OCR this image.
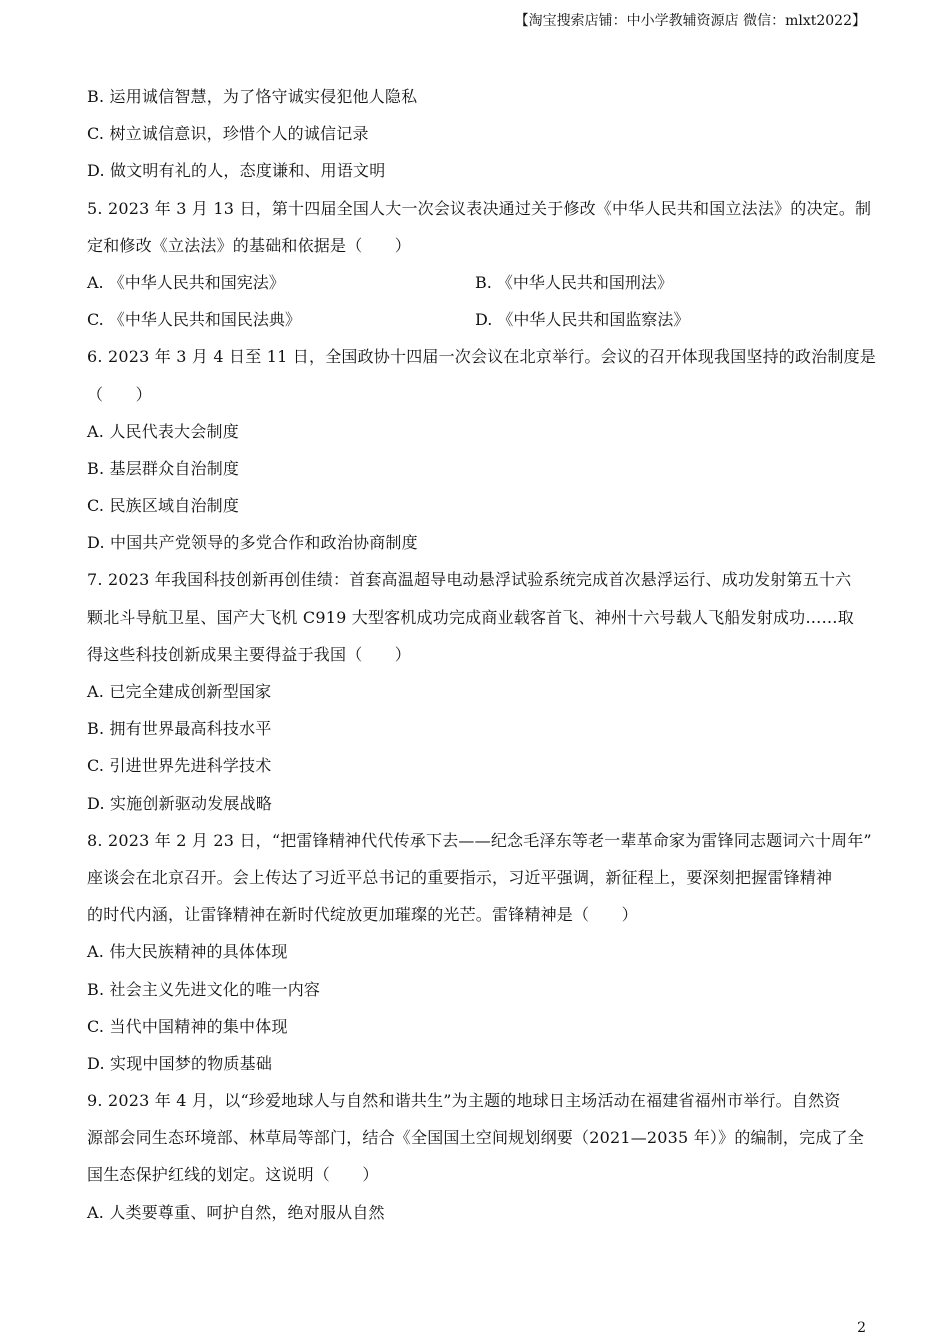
【淘宝搜索店铺：中小学教辅资源店 微信：mlxt2022】
B. 运用诚信智慧，为了恪守诚实侵犯他人隐私
C. 树立诚信意识，珍惜个人的诚信记录
D. 做文明有礼的人，态度谦和、用语文明
5. 2023 年 3 月 13 日，第十四届全国人大一次会议表决通过关于修改《中华人民共和国立法法》的决定。制
定和修改《立法法》的基础和依据是（　　）
A. 《中华人民共和国宪法》	B. 《中华人民共和国刑法》
C. 《中华人民共和国民法典》	D. 《中华人民共和国监察法》
6. 2023 年 3 月 4 日至 11 日，全国政协十四届一次会议在北京举行。会议的召开体现我国坚持的政治制度是
（　　）
A. 人民代表大会制度
B. 基层群众自治制度
C. 民族区域自治制度
D. 中国共产党领导的多党合作和政治协商制度
7. 2023 年我国科技创新再创佳绩：首套高温超导电动悬浮试验系统完成首次悬浮运行、成功发射第五十六
颗北斗导航卫星、国产大飞机 C919 大型客机成功完成商业载客首飞、神州十六号载人飞船发射成功……取
得这些科技创新成果主要得益于我国（　　）
A. 已完全建成创新型国家
B. 拥有世界最高科技水平
C. 引进世界先进科学技术
D. 实施创新驱动发展战略
8. 2023 年 2 月 23 日，“把雷锋精神代代传承下去——纪念毛泽东等老一辈革命家为雷锋同志题词六十周年”
座谈会在北京召开。会上传达了习近平总书记的重要指示，习近平强调，新征程上，要深刻把握雷锋精神
的时代内涵，让雷锋精神在新时代绽放更加璀璨的光芒。雷锋精神是（　　）
A. 伟大民族精神的具体体现
B. 社会主义先进文化的唯一内容
C. 当代中国精神的集中体现
D. 实现中国梦的物质基础
9. 2023 年 4 月，以“珍爱地球人与自然和谐共生”为主题的地球日主场活动在福建省福州市举行。自然资
源部会同生态环境部、林草局等部门，结合《全国国土空间规划纲要（2021—2035 年）》的编制，完成了全
国生态保护红线的划定。这说明（　　）
A. 人类要尊重、呵护自然，绝对服从自然
2
